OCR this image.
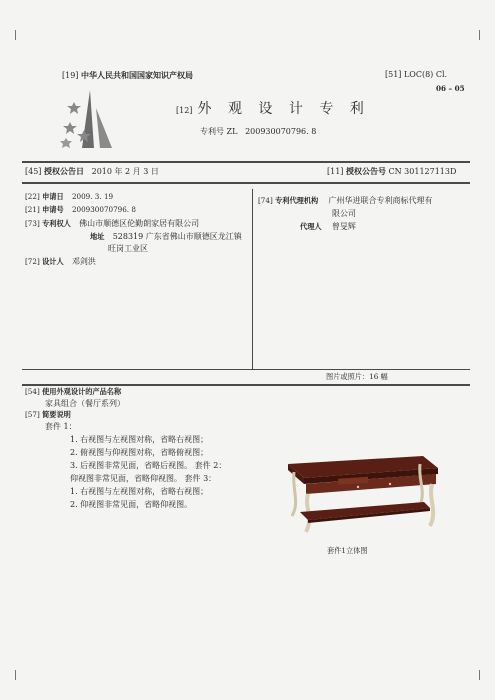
[19] 中华人民共和国国家知识产权局	[51] LOC(8) Cl.
06 – 05
[12] 外 观 设 计 专 利
专利号 ZL 200930070796. 8
[45] 授权公告日 2010 年 2 月 3 日	[11] 授权公告号 CN 301127113D
[22] 申请日 2009. 3. 19
[21] 申请号 200930070796. 8
[73] 专利权人 佛山市顺德区伦勤朗家居有限公司
地址 528319 广东省佛山市顺德区龙江镇
旺岗工业区
[72] 设计人 邓剑洪
[74] 专利代理机构 广州华进联合专利商标代理有
限公司
代理人 曾旻辉
图片或照片：16 幅
[54] 使用外观设计的产品名称
家具组合（餐厅系列）
[57] 简要说明
套件 1：
1. 右视图与左视图对称，省略右视图；
2. 俯视图与仰视图对称，省略俯视图；
3. 后视图非常见面，省略后视图。 套件 2：
仰视图非常见面，省略仰视图。 套件 3：
1. 右视图与左视图对称，省略右视图；
2. 仰视图非常见面，省略仰视图。
套件1立体图
